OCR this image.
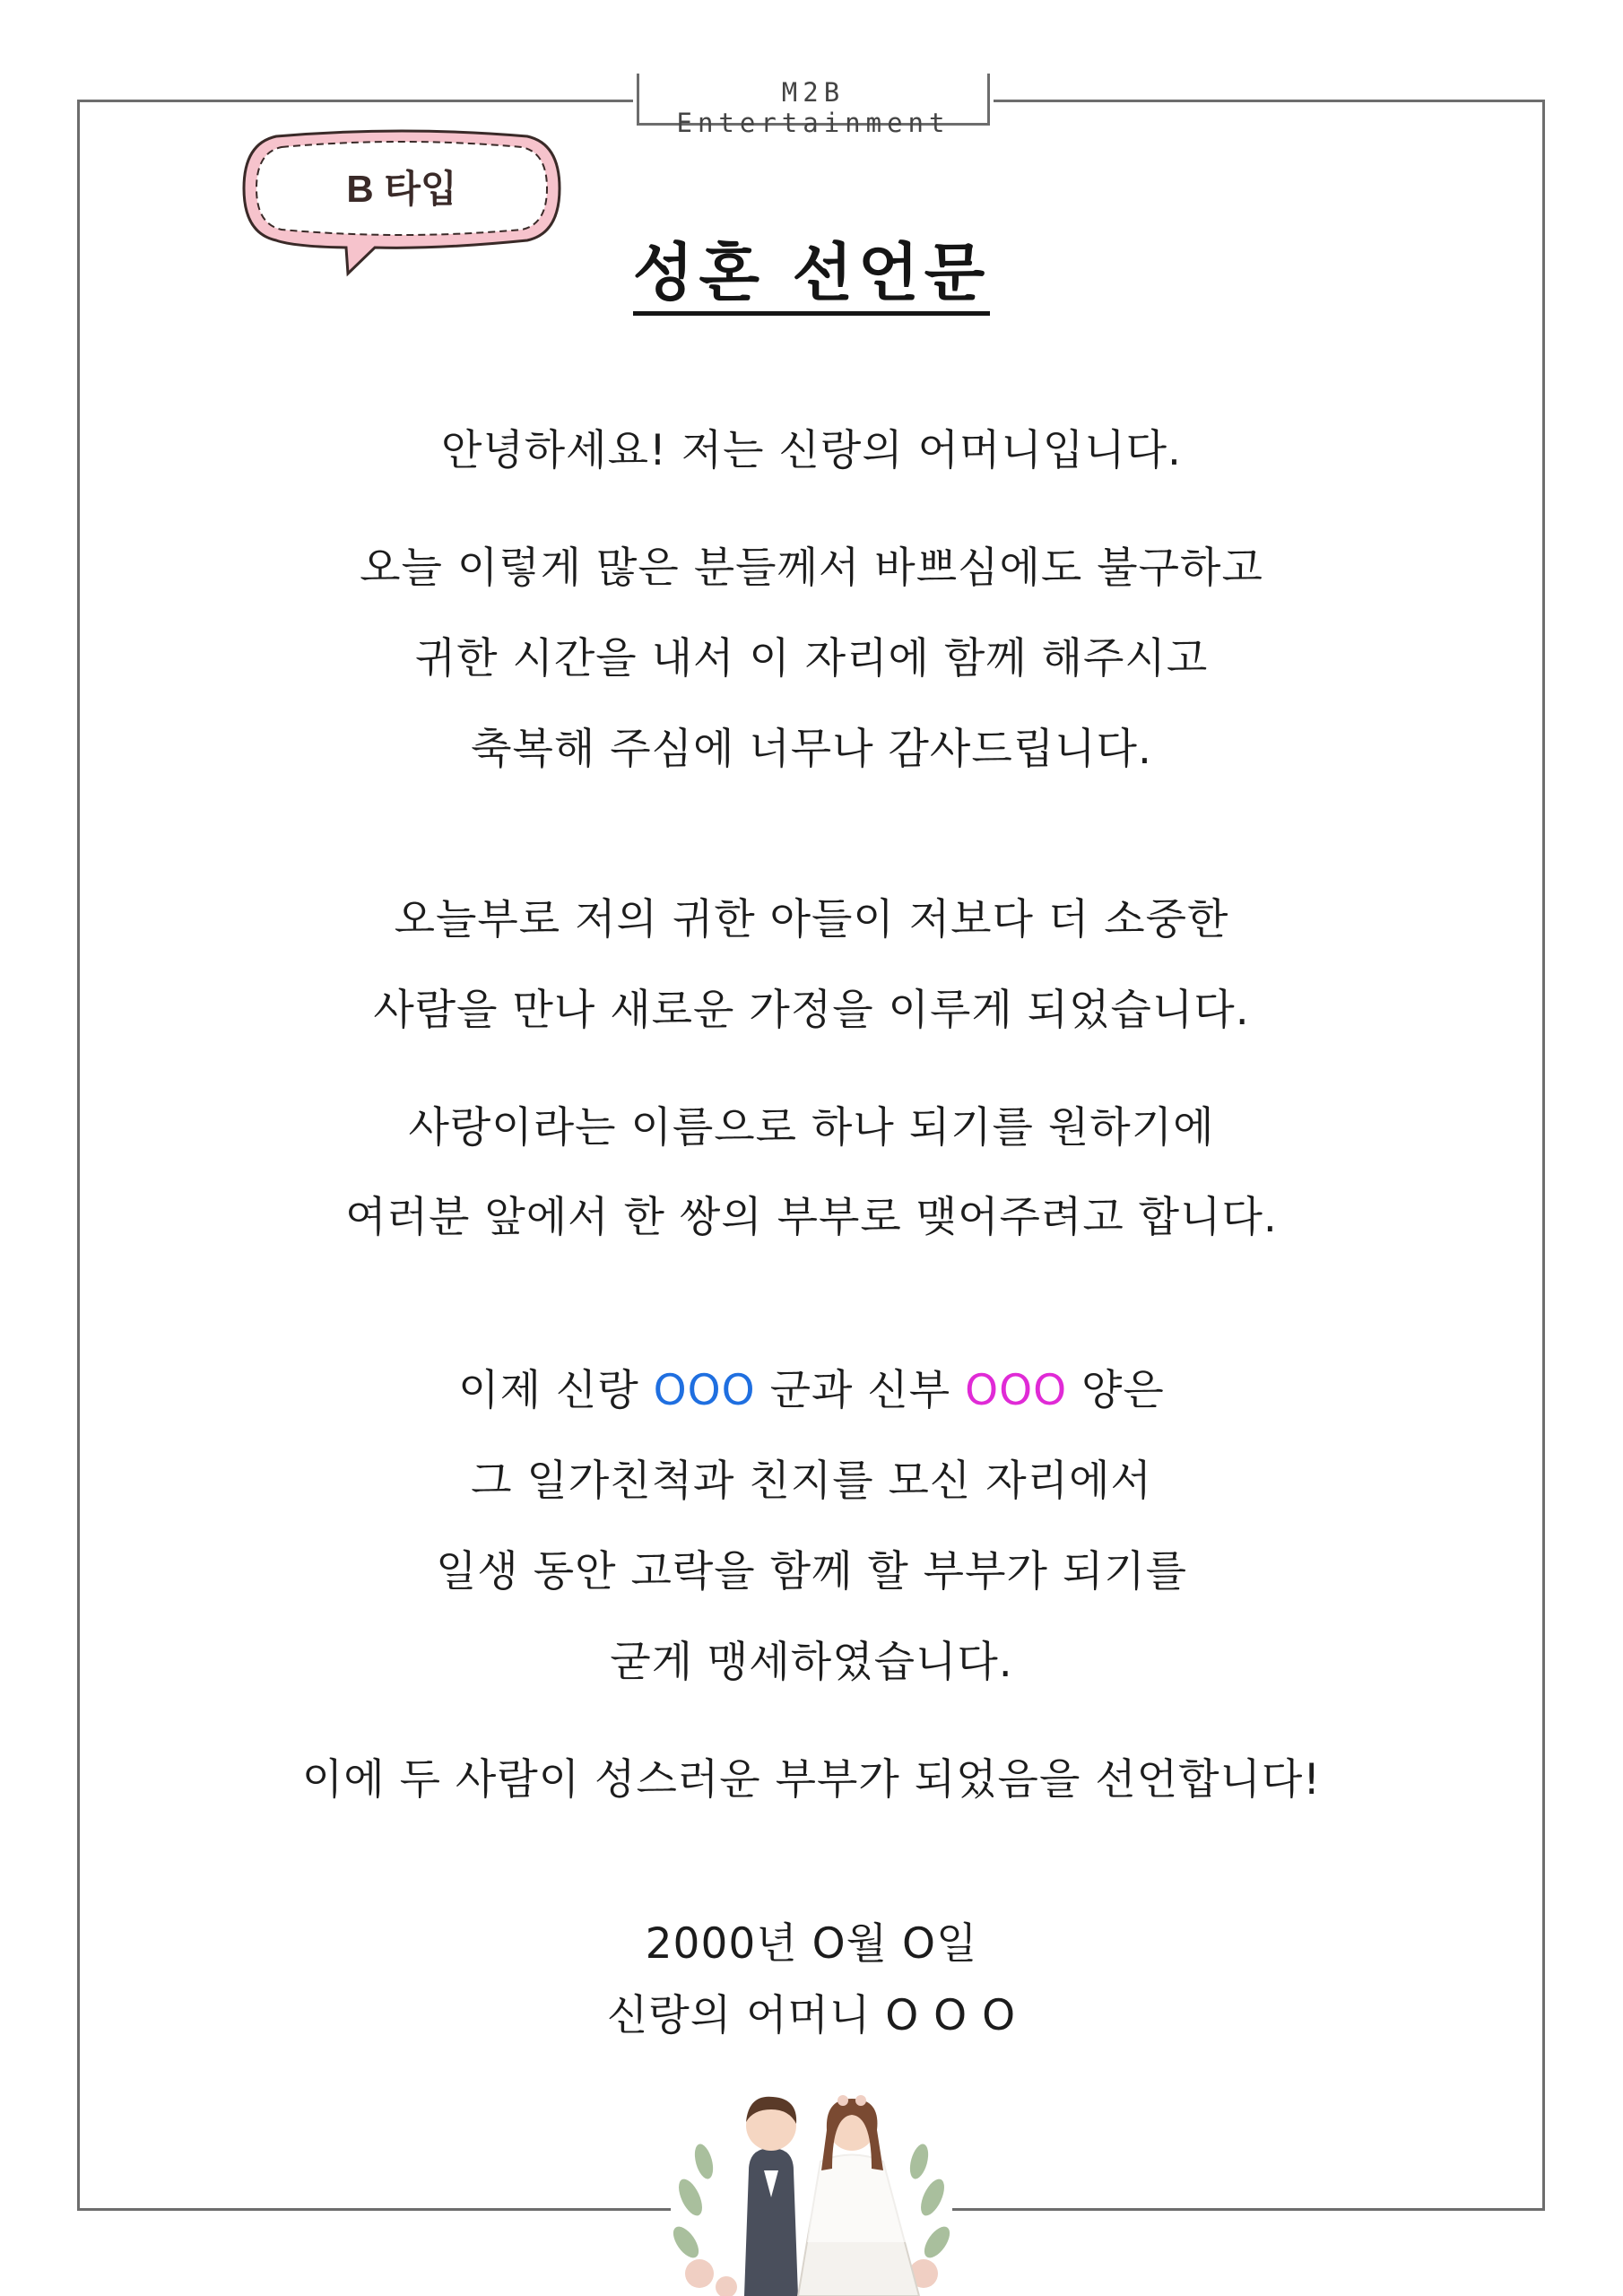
M2B Entertainment
B 타입
성혼 선언문
안녕하세요! 저는 신랑의 어머니입니다.
오늘 이렇게 많은 분들께서 바쁘심에도 불구하고
귀한 시간을 내서 이 자리에 함께 해주시고
축복해 주심에 너무나 감사드립니다.
오늘부로 저의 귀한 아들이 저보다 더 소중한
사람을 만나 새로운 가정을 이루게 되었습니다.
사랑이라는 이름으로 하나 되기를 원하기에
여러분 앞에서 한 쌍의 부부로 맺어주려고 합니다.
이제 신랑 OOO 군과 신부 OOO 양은
그 일가친척과 친지를 모신 자리에서
일생 동안 고락을 함께 할 부부가 되기를
굳게 맹세하였습니다.
이에 두 사람이 성스러운 부부가 되었음을 선언합니다!
2000년 O월 O일
신랑의 어머니 O O O
